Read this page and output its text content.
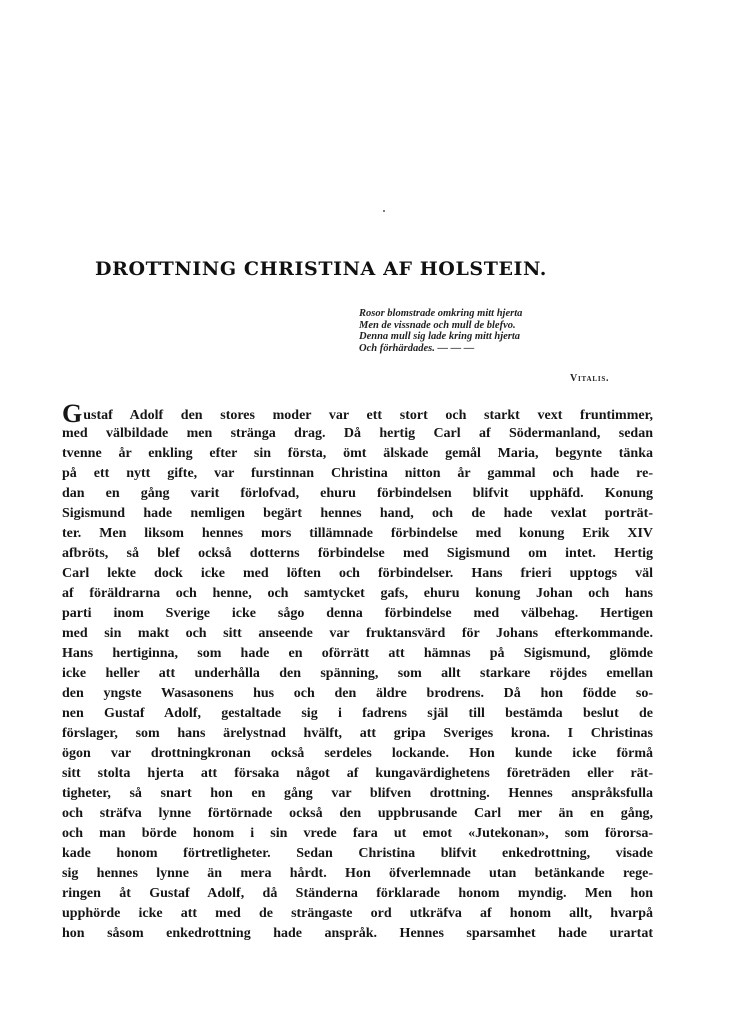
DROTTNING CHRISTINA AF HOLSTEIN.
Rosor blomstrade omkring mitt hjerta
Men de vissnade och mull de blefvo.
Denna mull sig lade kring mitt hjerta
Och förhärdades. — — —
Vitalis.
Gustaf Adolf den stores moder var ett stort och starkt vext fruntimmer,
med välbildade men stränga drag. Då hertig Carl af Södermanland, sedan
tvenne år enkling efter sin första, ömt älskade gemål Maria, begynte tänka
på ett nytt gifte, var furstinnan Christina nitton år gammal och hade re-
dan en gång varit förlofvad, ehuru förbindelsen blifvit upphäfd. Konung
Sigismund hade nemligen begärt hennes hand, och de hade vexlat porträt-
ter. Men liksom hennes mors tillämnade förbindelse med konung Erik XIV
afbröts, så blef också dotterns förbindelse med Sigismund om intet. Hertig
Carl lekte dock icke med löften och förbindelser. Hans frieri upptogs väl
af föräldrarna och henne, och samtycket gafs, ehuru konung Johan och hans
parti inom Sverige icke sågo denna förbindelse med välbehag. Hertigen
med sin makt och sitt anseende var fruktansvärd för Johans efterkommande.
Hans hertiginna, som hade en oförrätt att hämnas på Sigismund, glömde
icke heller att underhålla den spänning, som allt starkare röjdes emellan
den yngste Wasasonens hus och den äldre brodrens. Då hon födde so-
nen Gustaf Adolf, gestaltade sig i fadrens själ till bestämda beslut de
förslager, som hans ärelystnad hvälft, att gripa Sveriges krona. I Christinas
ögon var drottningkronan också serdeles lockande. Hon kunde icke förmå
sitt stolta hjerta att försaka något af kungavärdighetens företräden eller rät-
tigheter, så snart hon en gång var blifven drottning. Hennes anspråksfulla
och sträfva lynne förtörnade också den uppbrusande Carl mer än en gång,
och man börde honom i sin vrede fara ut emot «Jutekonan», som förorsa-
kade honom förtretligheter. Sedan Christina blifvit enkedrottning, visade
sig hennes lynne än mera hårdt. Hon öfverlemnade utan betänkande rege-
ringen åt Gustaf Adolf, då Ständerna förklarade honom myndig. Men hon
upphörde icke att med de strängaste ord utkräfva af honom allt, hvarpå
hon såsom enkedrottning hade anspråk. Hennes sparsamhet hade urartat
